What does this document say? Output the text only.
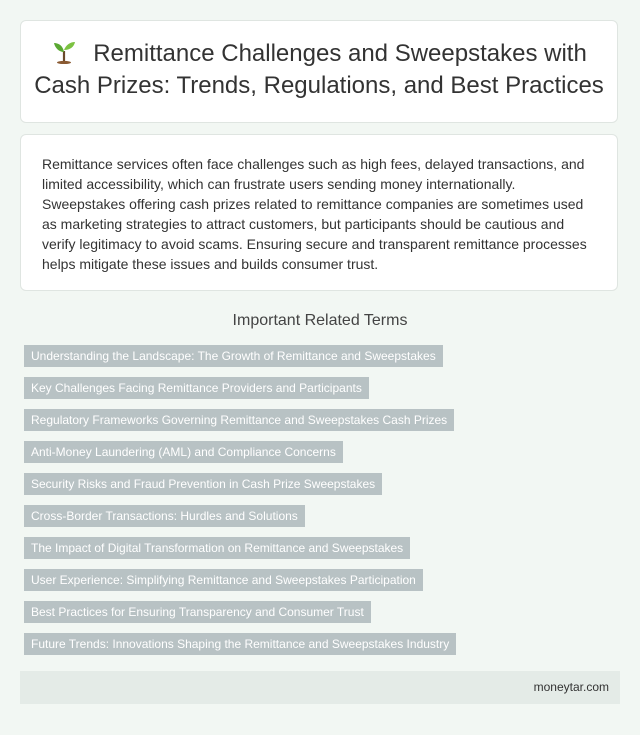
Remittance Challenges and Sweepstakes with Cash Prizes: Trends, Regulations, and Best Practices

Remittance services often face challenges such as high fees, delayed transactions, and limited accessibility, which can frustrate users sending money internationally. Sweepstakes offering cash prizes related to remittance companies are sometimes used as marketing strategies to attract customers, but participants should be cautious and verify legitimacy to avoid scams. Ensuring secure and transparent remittance processes helps mitigate these issues and builds consumer trust.

Important Related Terms
Understanding the Landscape: The Growth of Remittance and Sweepstakes
Key Challenges Facing Remittance Providers and Participants
Regulatory Frameworks Governing Remittance and Sweepstakes Cash Prizes
Anti-Money Laundering (AML) and Compliance Concerns
Security Risks and Fraud Prevention in Cash Prize Sweepstakes
Cross-Border Transactions: Hurdles and Solutions
The Impact of Digital Transformation on Remittance and Sweepstakes
User Experience: Simplifying Remittance and Sweepstakes Participation
Best Practices for Ensuring Transparency and Consumer Trust
Future Trends: Innovations Shaping the Remittance and Sweepstakes Industry
moneytar.com
